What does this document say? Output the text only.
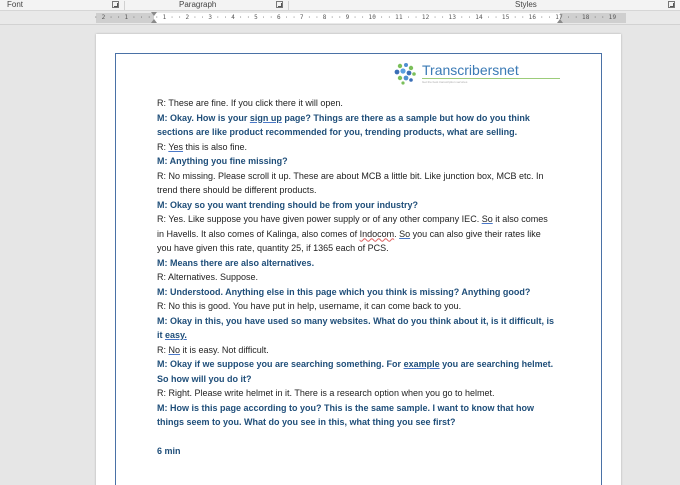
Font	Paragraph	Styles
· 2 · · 1 · · · · 1 · · 2 · · 3 · · 4 · · 5 · · 6 · · 7 · · 8 · · 9 · · 10 · · 11 · · 12 · · 13 · · 14 · · 15 · · 16 · · 17 · · 18 · · 19
Transcribersnet
Get the best transcription services
R: These are fine. If you click there it will open.
M: Okay. How is your sign up page? Things are there as a sample but how do you think
sections are like product recommended for you, trending products, what are selling.
R: Yes this is also fine.
M: Anything you fine missing?
R: No missing. Please scroll it up. These are about MCB a little bit. Like junction box, MCB etc. In
trend there should be different products.
M: Okay so you want trending should be from your industry?
R: Yes. Like suppose you have given power supply or of any other company IEC. So it also comes
in Havells. It also comes of Kalinga, also comes of Indocom. So you can also give their rates like
you have given this rate, quantity 25, if 1365 each of PCS.
M: Means there are also alternatives.
R: Alternatives. Suppose.
M: Understood. Anything else in this page which you think is missing? Anything good?
R: No this is good. You have put in help, username, it can come back to you.
M: Okay in this, you have used so many websites. What do you think about it, is it difficult, is
it easy.
R: No it is easy. Not difficult.
M: Okay if we suppose you are searching something. For example you are searching helmet.
So how will you do it?
R: Right. Please write helmet in it. There is a research option when you go to helmet.
M: How is this page according to you? This is the same sample. I want to know that how
things seem to you. What do you see in this, what thing you see first?
6 min
